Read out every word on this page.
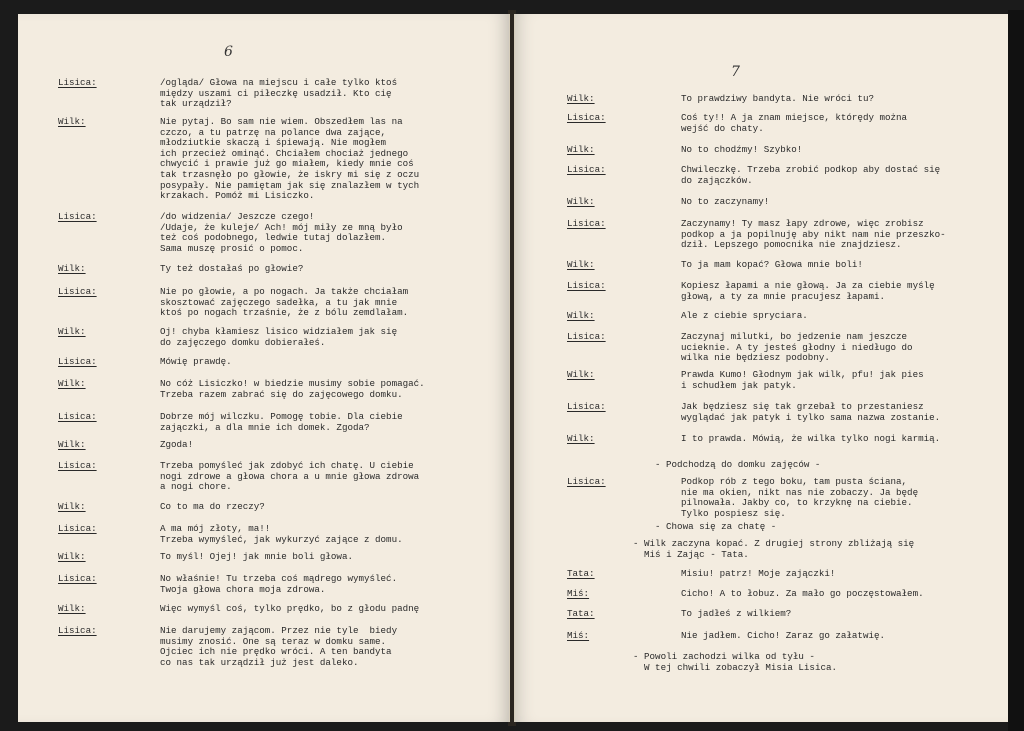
6
Lisica:	/ogląda/ Głowa na miejscu i całe tylko ktoś
między uszami ci piłeczkę usadził. Kto cię
tak urządził?
Wilk:	Nie pytaj. Bo sam nie wiem. Obszedłem las na
czczo, a tu patrzę na polance dwa zające,
młodziutkie skaczą i śpiewają. Nie mogłem
ich przecież ominąć. Chciałem chociaż jednego
chwycić i prawie już go miałem, kiedy mnie coś
tak trzasnęło po głowie, że iskry mi się z oczu
posypały. Nie pamiętam jak się znalazłem w tych
krzakach. Pomóż mi Lisiczko.
Lisica:	/do widzenia/ Jeszcze czego!
/Udaje, że kuleje/ Ach! mój miły ze mną było
też coś podobnego, ledwie tutaj dolazłem.
Sama muszę prosić o pomoc.
Wilk:	Ty też dostałaś po głowie?
Lisica:	Nie po głowie, a po nogach. Ja także chciałam
skosztować zajęczego sadełka, a tu jak mnie
ktoś po nogach trzaśnie, że z bólu zemdlałam.
Wilk:	Oj! chyba kłamiesz lisico widziałem jak się
do zajęczego domku dobierałeś.
Lisica:	Mówię prawdę.
Wilk:	No cóż Lisiczko! w biedzie musimy sobie pomagać.
Trzeba razem zabrać się do zajęcowego domku.
Lisica:	Dobrze mój wilczku. Pomogę tobie. Dla ciebie
zajączki, a dla mnie ich domek. Zgoda?
Wilk:	Zgoda!
Lisica:	Trzeba pomyśleć jak zdobyć ich chatę. U ciebie
nogi zdrowe a głowa chora a u mnie głowa zdrowa
a nogi chore.
Wilk:	Co to ma do rzeczy?
Lisica:	A ma mój złoty, ma!!
Trzeba wymyśleć, jak wykurzyć zające z domu.
Wilk:	To myśl! Ojej! jak mnie boli głowa.
Lisica:	No właśnie! Tu trzeba coś mądrego wymyśleć.
Twoja głowa chora moja zdrowa.
Wilk:	Więc wymyśl coś, tylko prędko, bo z głodu padnę
Lisica:	Nie darujemy zającom. Przez nie tyle  biedy
musimy znosić. One są teraz w domku same.
Ojciec ich nie prędko wróci. A ten bandyta
co nas tak urządził już jest daleko.
7
Wilk:	To prawdziwy bandyta. Nie wróci tu?
Lisica:	Coś ty!! A ja znam miejsce, którędy można
wejść do chaty.
Wilk:	No to chodźmy! Szybko!
Lisica:	Chwileczkę. Trzeba zrobić podkop aby dostać się
do zajączków.
Wilk:	No to zaczynamy!
Lisica:	Zaczynamy! Ty masz łapy zdrowe, więc zrobisz
podkop a ja popilnuję aby nikt nam nie przeszko-
dził. Lepszego pomocnika nie znajdziesz.
Wilk:	To ja mam kopać? Głowa mnie boli!
Lisica:	Kopiesz łapami a nie głową. Ja za ciebie myślę
głową, a ty za mnie pracujesz łapami.
Wilk:	Ale z ciebie spryciara.
Lisica:	Zaczynaj milutki, bo jedzenie nam jeszcze
ucieknie. A ty jesteś głodny i niedługo do
wilka nie będziesz podobny.
Wilk:	Prawda Kumo! Głodnym jak wilk, pfu! jak pies
i schudłem jak patyk.
Lisica:	Jak będziesz się tak grzebał to przestaniesz
wyglądać jak patyk i tylko sama nazwa zostanie.
Wilk:	I to prawda. Mówią, że wilka tylko nogi karmią.
- Podchodzą do domku zajęców -
Lisica:	Podkop rób z tego boku, tam pusta ściana,
nie ma okien, nikt nas nie zobaczy. Ja będę
pilnowała. Jakby co, to krzyknę na ciebie.
Tylko pospiesz się.
- Chowa się za chatę -
- Wilk zaczyna kopać. Z drugiej strony zbliżają się
Miś i Zając - Tata.
Tata:	Misiu! patrz! Moje zajączki!
Miś:	Cicho! A to łobuz. Za mało go poczęstowałem.
Tata:	To jadłeś z wilkiem?
Miś:	Nie jadłem. Cicho! Zaraz go załatwię.
- Powoli zachodzi wilka od tyłu -
W tej chwili zobaczył Misia Lisica.
